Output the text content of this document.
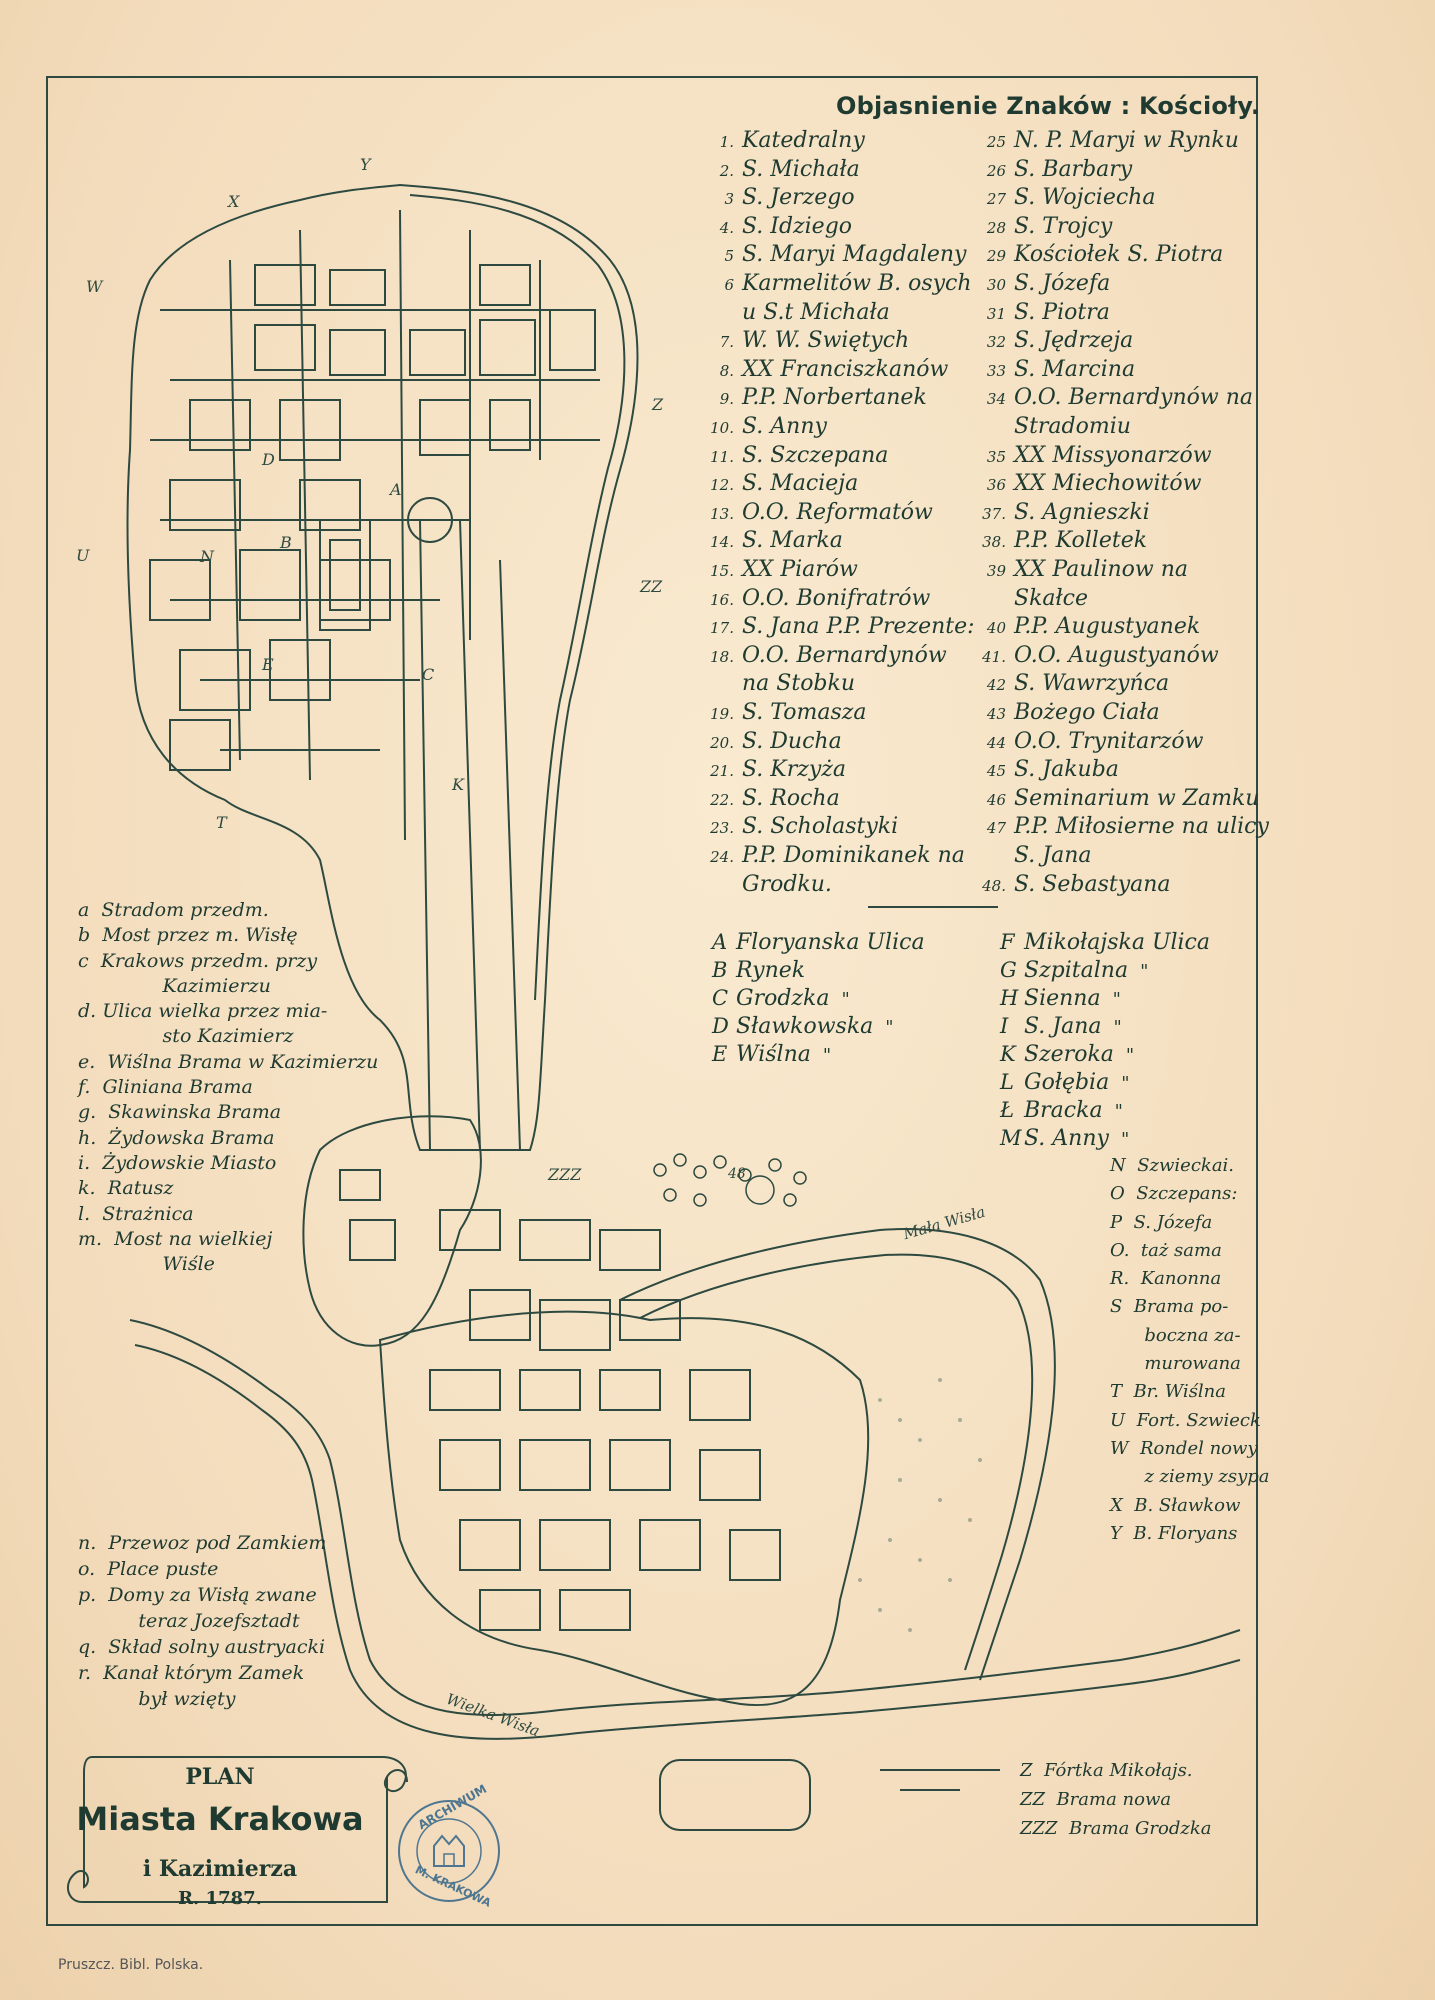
Objasnienie Znaków : Kościoły.
Y
X
W
Z
U
ZZ
T
ZZZ
A
B
C
D
E
K
N
48
Mała Wisła
Wielka Wisła
1. Katedralny
2. S. Michała
3 S. Jerzego
4. S. Idziego
5 S. Maryi Magdaleny
6 Karmelitów B. osych
u S.t Michała
7. W. W. Swiętych
8. XX Franciszkanów
9. P.P. Norbertanek
10. S. Anny
11. S. Szczepana
12. S. Macieja
13. O.O. Reformatów
14. S. Marka
15. XX Piarów
16. O.O. Bonifratrów
17. S. Jana P.P. Prezente:
18. O.O. Bernardynów
na Stobku
19. S. Tomasza
20. S. Ducha
21. S. Krzyża
22. S. Rocha
23. S. Scholastyki
24. P.P. Dominikanek na
Grodku.
25 N. P. Maryi w Rynku
26 S. Barbary
27 S. Wojciecha
28 S. Trojcy
29 Kościołek S. Piotra
30 S. Józefa
31 S. Piotra
32 S. Jędrzeja
33 S. Marcina
34 O.O. Bernardynów na
Stradomiu
35 XX Missyonarzów
36 XX Miechowitów
37. S. Agnieszki
38. P.P. Kolletek
39 XX Paulinow na
Skałce
40 P.P. Augustyanek
41. O.O. Augustyanów
42 S. Wawrzyńca
43 Bożego Ciała
44 O.O. Trynitarzów
45 S. Jakuba
46 Seminarium w Zamku
47 P.P. Miłosierne na ulicy
S. Jana
48. S. Sebastyana
A Floryanska Ulica
B Rynek
C Grodzka "
D Sławkowska "
E Wiślna "
F Mikołajska Ulica
G Szpitalna "
H Sienna "
I S. Jana "
K Szeroka "
L Gołębia "
Ł Bracka "
M S. Anny "
N  Szwieckai.
O  Szczepans:
P  S. Józefa
O.  taż sama
R.  Kanonna
S  Brama po-
boczna za-
murowana
T  Br. Wiślna
U  Fort. Szwieck
W  Rondel nowy
z ziemy zsypa
X  B. Sławkow
Y  B. Floryans
a  Stradom przedm.
b  Most przez m. Wisłę
c  Krakows przedm. przy
Kazimierzu
d. Ulica wielka przez mia-
sto Kazimierz
e.  Wiślna Brama w Kazimierzu
f.  Gliniana Brama
g.  Skawinska Brama
h.  Żydowska Brama
i.  Żydowskie Miasto
k.  Ratusz
l.  Strażnica
m.  Most na wielkiej
Wiśle
n.  Przewoz pod Zamkiem
o.  Place puste
p.  Domy za Wisłą zwane
teraz Jozefsztadt
q.  Skład solny austryacki
r.  Kanał którym Zamek
był wzięty
Z  Fórtka Mikołajs.
ZZ  Brama nowa
ZZZ  Brama Grodzka
PLAN
Miasta Krakowa
i Kazimierza
R. 1787.
ARCHIWUM
M. KRAKOWA
Pruszcz. Bibl. Polska.
